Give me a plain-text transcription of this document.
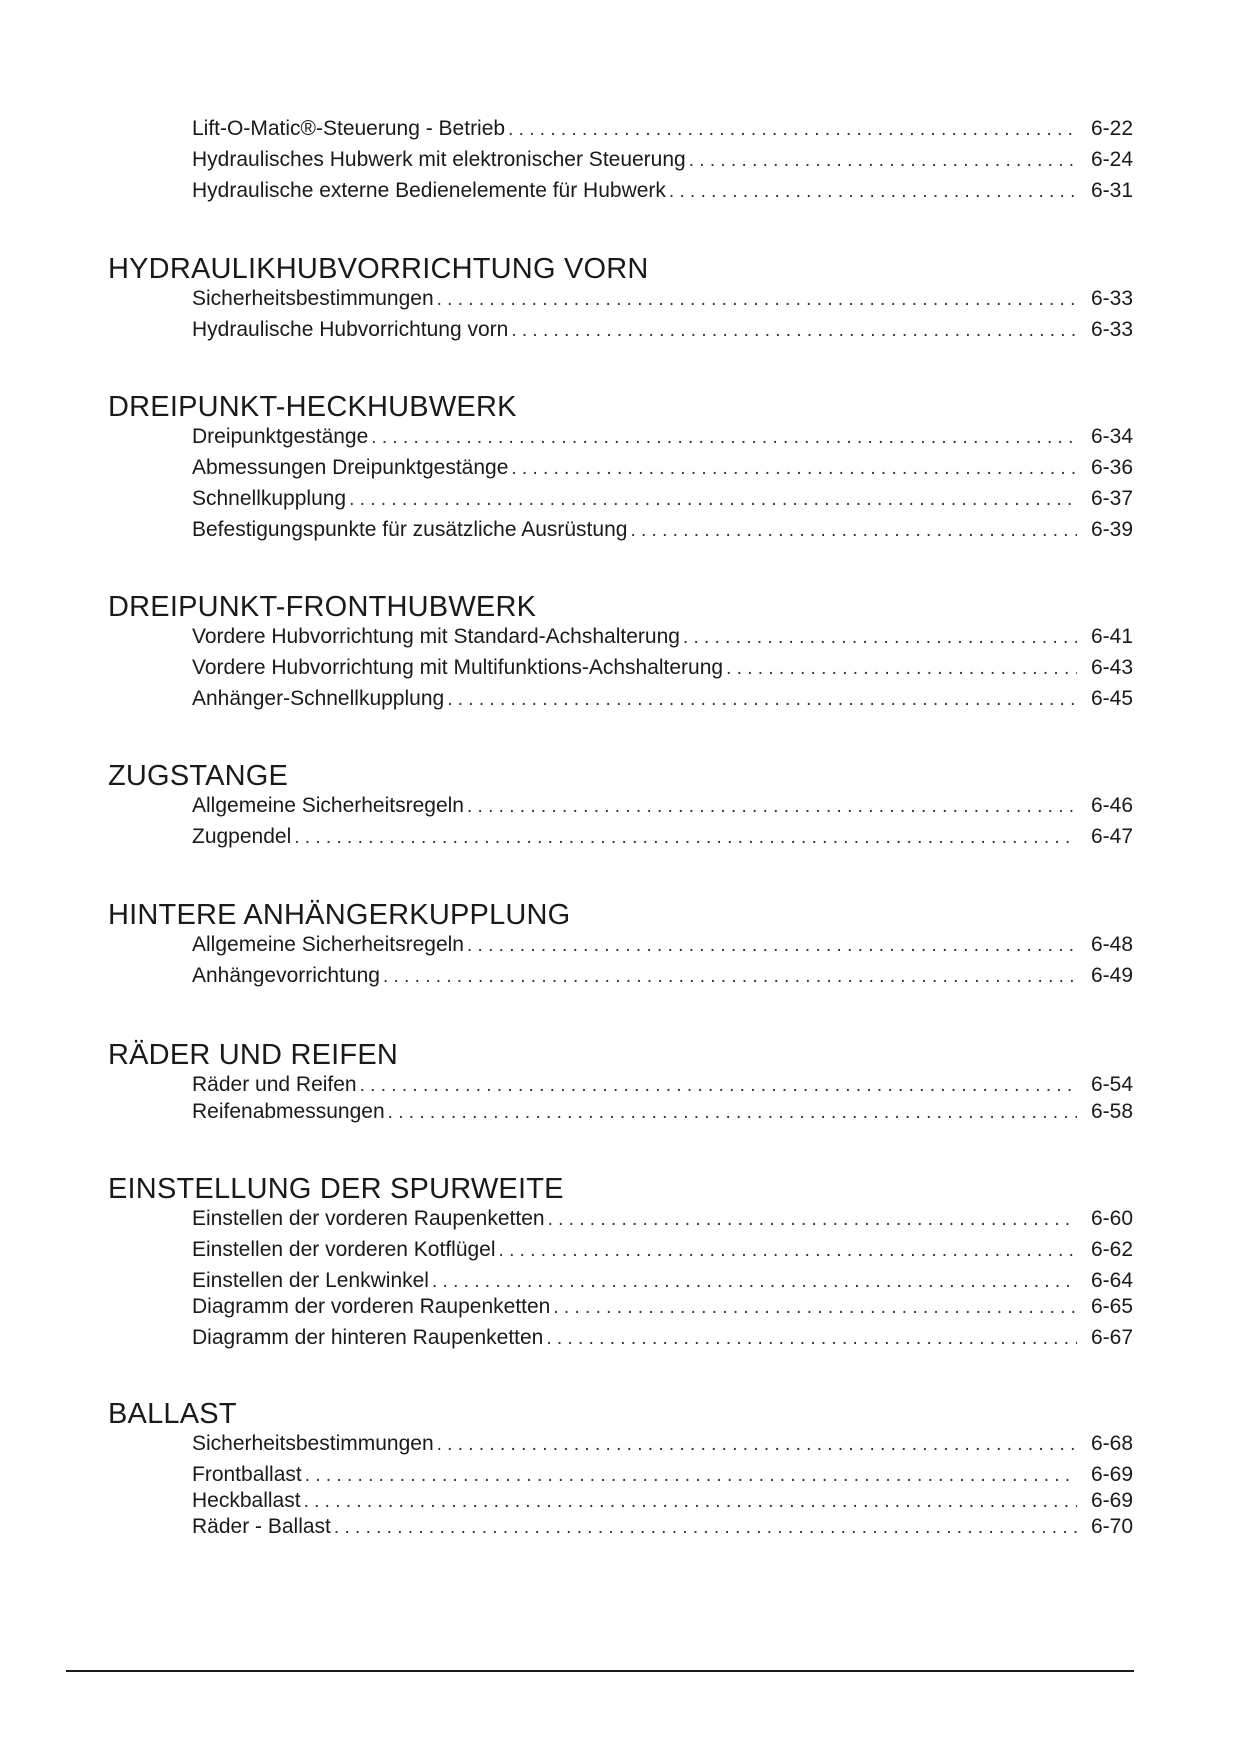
Lift-O-Matic®-Steuerung - Betrieb . . .	6-22
Hydraulisches Hubwerk mit elektronischer Steuerung . . .	6-24
Hydraulische externe Bedienelemente für Hubwerk . . .	6-31
HYDRAULIKHUBVORRICHTUNG VORN
Sicherheitsbestimmungen . . .	6-33
Hydraulische Hubvorrichtung vorn . . .	6-33
DREIPUNKT-HECKHUBWERK
Dreipunktgestänge . . .	6-34
Abmessungen Dreipunktgestänge . . .	6-36
Schnellkupplung . . .	6-37
Befestigungspunkte für zusätzliche Ausrüstung . . .	6-39
DREIPUNKT-FRONTHUBWERK
Vordere Hubvorrichtung mit Standard-Achshalterung . . .	6-41
Vordere Hubvorrichtung mit Multifunktions-Achshalterung . . .	6-43
Anhänger-Schnellkupplung . . .	6-45
ZUGSTANGE
Allgemeine Sicherheitsregeln . . .	6-46
Zugpendel . . .	6-47
HINTERE ANHÄNGERKUPPLUNG
Allgemeine Sicherheitsregeln . . .	6-48
Anhängevorrichtung . . .	6-49
RÄDER UND REIFEN
Räder und Reifen . . .	6-54
Reifenabmessungen . . .	6-58
EINSTELLUNG DER SPURWEITE
Einstellen der vorderen Raupenketten . . .	6-60
Einstellen der vorderen Kotflügel . . .	6-62
Einstellen der Lenkwinkel . . .	6-64
Diagramm der vorderen Raupenketten . . .	6-65
Diagramm der hinteren Raupenketten . . .	6-67
BALLAST
Sicherheitsbestimmungen . . .	6-68
Frontballast . . .	6-69
Heckballast . . .	6-69
Räder - Ballast . . .	6-70
